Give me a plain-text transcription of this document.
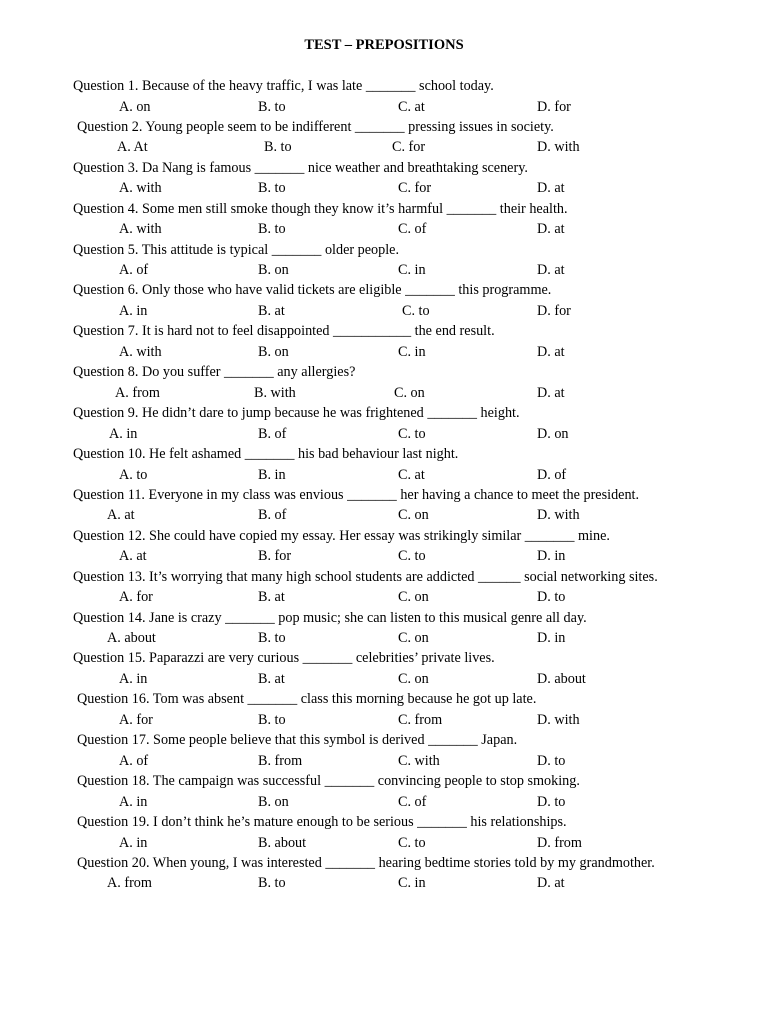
TEST – PREPOSITIONS
Question 1. Because of the heavy traffic, I was late _______ school today.
A. on	B. to	C. at	D. for
Question 2. Young people seem to be indifferent _______ pressing issues in society.
A. At	B. to	C. for	D. with
Question 3. Da Nang is famous _______ nice weather and breathtaking scenery.
A. with	B. to	C. for	D. at
Question 4. Some men still smoke though they know it’s harmful _______ their health.
A. with	B. to	C. of	D. at
Question 5. This attitude is typical _______ older people.
A. of	B. on	C. in	D. at
Question 6. Only those who have valid tickets are eligible _______ this programme.
A. in	B. at	C. to	D. for
Question 7. It is hard not to feel disappointed ___________ the end result.
A. with	B. on	C. in	D. at
Question 8. Do you suffer _______ any allergies?
A. from	B. with	C. on	D. at
Question 9. He didn’t dare to jump because he was frightened _______ height.
A. in	B. of	C. to	D. on
Question 10. He felt ashamed _______ his bad behaviour last night.
A. to	B. in	C. at	D. of
Question 11. Everyone in my class was envious _______ her having a chance to meet the president.
A. at	B. of	C. on	D. with
Question 12. She could have copied my essay. Her essay was strikingly similar _______ mine.
A. at	B. for	C. to	D. in
Question 13. It’s worrying that many high school students are addicted ______ social networking sites.
A. for	B. at	C. on	D. to
Question 14. Jane is crazy _______ pop music; she can listen to this musical genre all day.
A. about	B. to	C. on	D. in
Question 15. Paparazzi are very curious _______ celebrities’ private lives.
A. in	B. at	C. on	D. about
Question 16. Tom was absent _______ class this morning because he got up late.
A. for	B. to	C. from	D. with
Question 17. Some people believe that this symbol is derived _______ Japan.
A. of	B. from	C. with	D. to
Question 18. The campaign was successful _______ convincing people to stop smoking.
A. in	B. on	C. of	D. to
Question 19. I don’t think he’s mature enough to be serious _______ his relationships.
A. in	B. about	C. to	D. from
Question 20. When young, I was interested _______ hearing bedtime stories told by my grandmother.
A. from	B. to	C. in	D. at
